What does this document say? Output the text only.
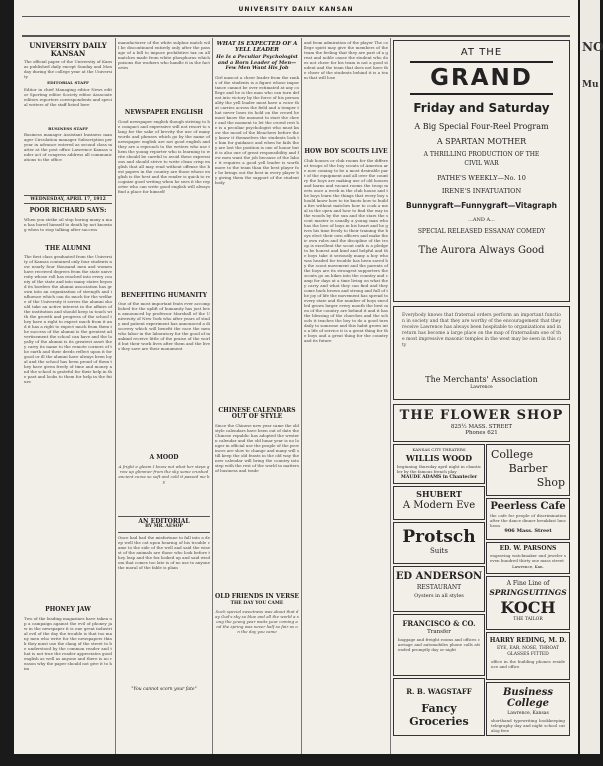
UNIVERSITY DAILY KANSAN
UNIVERSITY DAILY KANSAN
The official paper of the University of Kansas published daily except Sunday and Monday during the college year at the University
EDITORIAL STAFF
Editor in chief Managing editor News editor Sporting editor Society editor Associate editors reporters correspondents and special writers of the staff listed here
BUSINESS STAFF
Business manager Assistant business manager Circulation manager Subscription per year in advance entered as second class matter at the post office Lawrence Kansas under act of congress address all communications to the office
WEDNESDAY, APRIL 17, 1912
POOR RICHARD SAYS:
When you strike oil stop boring many a man has bored himself to death by not knowing when to stop talking after success
THE ALUMNI
The first class graduated from the University of Kansas contained only four students now nearly four thousand men and women have received degrees from the state university whose roll has reached into every county of the state and into many states beyond its borders the alumni association has grown into an organization of strength and influence which can do much for the welfare of the University it serves the alumni should take an active interest in the affairs of the institution and should keep in touch with the growth and progress of the school they have a right to expect much from it and it has a right to expect much from them the success of the alumni is the greatest advertisement the school can have and the loyalty of the alumni is its greatest asset they carry its name to the remote corners of the earth and their deeds reflect upon it for good or ill the alumni have always been loyal and the school has been proud of them they have given freely of time and money and the school is grateful for their help in the past and looks to them for help in the future
PHONEY JAW
Two of the leading magazines have taken up a campaign against the evil of phoney jaw in the newspaper it is one great industrial evil of the day the trouble is that too many men who write for the newspapers think they must use the slang of the street to be understood by the common reader and that is not true the reader appreciates good english as well as anyone and there is no reason why the paper should not give it to him
manufacturer of the white sulphur match will be discontinued entirely only after the passage of a bill to impose prohibitive tax on all matches made from white phosphorus which poisons the workers who handle it in the factories
NEWSPAPER ENGLISH
Good newspaper english though striving to be compact and expressive will not resort to slang for the sake of brevity the use of many words and phrases which go by the name of newspaper english are not good english and they are a reproach to the writers who use them the young reporter who is learning to write should be careful to avoid these expressions and should strive to write clean crisp english that all may read without offense the best papers in the country are those whose english is the best and the reader is quick to recognize good writing when he sees it the reporter who can write good english will always find a place for himself
BENEFITING HUMANITY
One of the most important feats ever accomplished for the uplift of humanity has just been announced by professor Marshall of the University of New York who after years of study and patient experiment has announced a discovery which will benefit the race the men who labor in the laboratory for the good of mankind receive little of the praise of the world but their work lives after them and the lives they save are their monument
A MOOD
A fright a gleam I know not what her steps grow up glimmer from the sky some crushed ancient curse so soft and cold it passed me by
AN EDITORIAL
BY MR. AESOP
Once had had the misfortune to fall into a deep well the cat upon hearing of his trouble came to the side of the well and said the wisest of the animals are those who look before they leap and the fox looked up and said wisdom that comes too late is of no use to anyone the moral of the fable is plain
"You cannot scorn your fate"
WHAT IS EXPECTED OF A YELL LEADER
He Is a Peculiar Psychologist and a Born Leader of Men—Few Men Want His Job
Girl mascot a cheer leader from the ranks of the students is a figure whose importance cannot be over estimated at any college and he is the man who can turn defeat into victory by the force of his personality the yell leader must have a voice that carries across the field and a temper that never loses its hold on the crowd he must know the moment to start the cheer and the moment to let the crowd rest he is a peculiar psychologist who must know the mood of the bleachers before they know it themselves the students look to him for guidance and when he fails they are lost the position is one of honor but it is also one of great responsibility and few men want the job because of the labor it requires a good yell leader is worth more to the team than the best player for he brings out the best in every player by giving them the support of the student body
CHINESE CALENDARS OUT OF STYLE
Since the Chinese new year came the old style calendars have been out of date the Chinese republic has adopted the western calendar and the old lunar year is no longer in official use the people of the provinces are slow to change and many will still keep the old feasts in the old way the new calendar will bring the country into step with the rest of the world in matters of business and trade
OLD FRIENDS IN VERSE
THE DAY YOU CAME
Such special sweetness was about that day God's sky so blue and all the world a song the young year waits your coming and the spring was never half so fair as on the day you came
and from admiration of the player The college spirit may give the members of the team the feeling that they are part of a great and noble cause the student who does not cheer for his team is not a good student and the team that does not have the cheer of the students behind it is a team that will lose
HOW BOY SCOUTS LIVE
Club houses or club rooms for the different troops of the boy scouts of America are now coming to be a most desirable part of the equipment and all over the country the boys are making use of old houses and barns and vacant rooms the troop meets once a week in the club house and the boys learn the things that every boy should know how to tie knots how to build a fire without matches how to cook a meal in the open and how to find the way in the woods by the sun and the stars the scout master is usually a young man who has the love of boys in his heart and he gives his time freely to their training the boys elect their own officers and make their own rules and the discipline of the troop is excellent the scout oath is a pledge to be honest and kind and helpful and the boys take it seriously many a boy who was headed for trouble has been saved by the scout movement and the parents of the boys are its strongest supporters the scouts go on hikes into the country and camp for days at a time living on what they carry and what they can find and they come back brown and strong and full of the joy of life the movement has spread to every state and the number of boys enrolled grows larger every month the best men of the country are behind it and it has the blessing of the churches and the schools it teaches the boy to do a good turn daily to someone and this habit grows into a life of service it is a great thing for the boys and a great thing for the country and its future
AT THE
GRAND
Friday and Saturday
A Big Special Four-Reel Program
A SPARTAN MOTHER
A THRILLING PRODUCTION OF THE
CIVIL WAR
PATHE'S WEEKLY—No. 10
IRENE'S INFATUATION
Bunnygraft—Funnygraft—Vitagraph
...AND A...
SPECIAL RELEASED ESSANAY COMEDY
The Aurora Always Good
Everybody knows that fraternal orders perform an important function in society and that they are worthy of the encouragement that they receive Lawrence has always been hospitable to organizations and in return has become a large place on the map of fraternalism one of the most impressive masonic temples in the west may be seen in this city
The Merchants' Association
Lawrence
THE FLOWER SHOP
825½ MASS. STREET
Phones 621
KANSAS CITY THEATERS
WILLIS WOOD
beginning thursday april night in chanticler by the famous french play
MAUDE ADAMS in Chantecler
College
Barber
Shop
SHUBERT
A Modern Eve	Peerless Cafe
the cafe for people of discrimination after the dance dinner breakfast luncheon
906 Mass. Street
Protsch
Suits	ED. W. PARSONS
engraving watchmaker and jeweler seven hundred thirty one mass street
Lawrence, Kan.
ED ANDERSON
RESTAURANT
Oysters in all styles
A Fine Line of
SPRINGSUITINGS
KOCH
THE TAILOR
FRANCISCO & CO.
Transfer
baggage and freight rooms and offices carriage and automobiles phone calls attended promptly day or night
HARRY REDING, M. D.
EYE, EAR, NOSE, THROAT
GLASSES FITTED
office in the building phones residence and office
R. B. WAGSTAFF
Fancy Groceries
Business College
Lawrence, Kansas
shorthand typewriting bookkeeping telegraphy day and night school catalog free
NO
Mu
